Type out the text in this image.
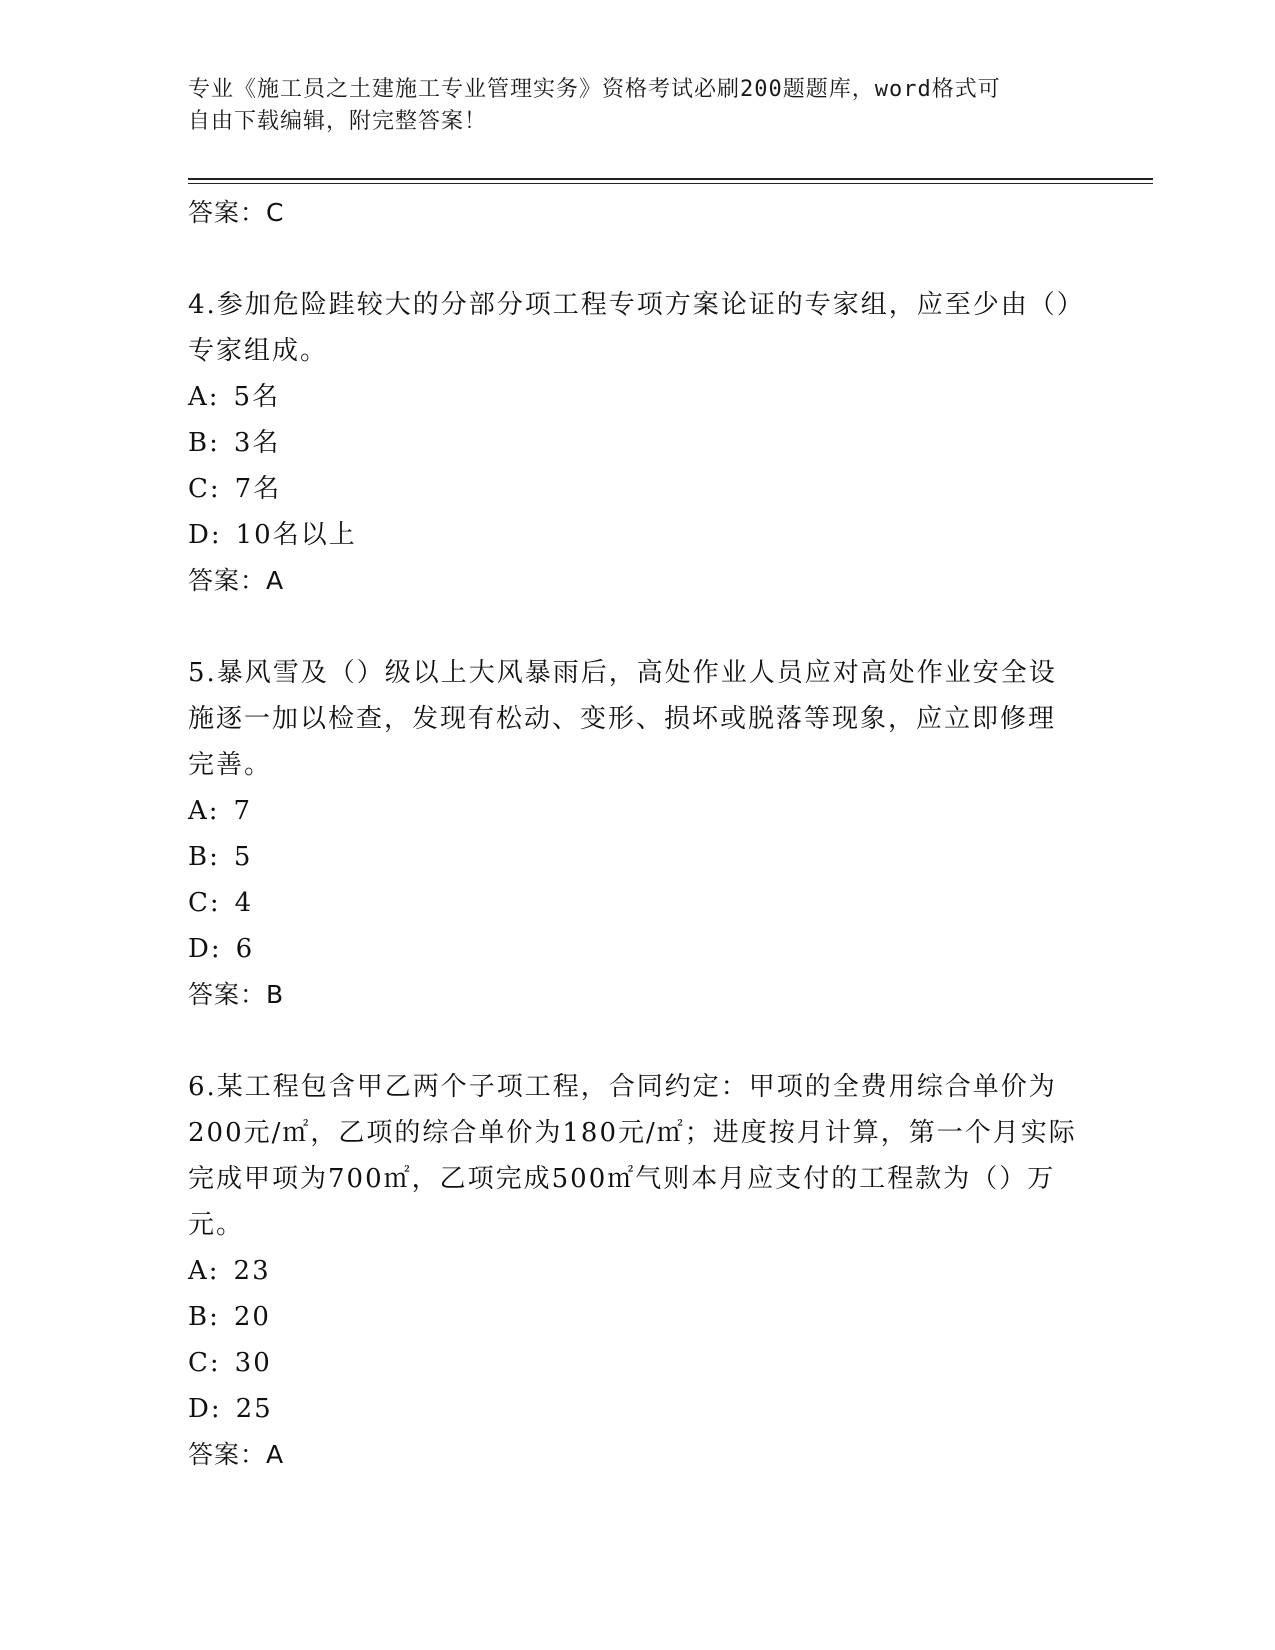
专业《施工员之土建施工专业管理实务》资格考试必刷200题题库，word格式可
自由下载编辑，附完整答案！
答案：C

4.参加危险跬较大的分部分项工程专项方案论证的专家组，应至少由（）专家组成。

A: 5名
B: 3名
C: 7名
D: 10名以上
答案：A

5.暴风雪及（）级以上大风暴雨后，高处作业人员应对高处作业安全设施逐一加以检查，发现有松动、变形、损坏或脱落等现象，应立即修理完善。

A: 7
B: 5
C: 4
D: 6
答案：B

6.某工程包含甲乙两个子项工程，合同约定：甲项的全费用综合单价为200元/㎡，乙项的综合单价为180元/㎡；进度按月计算，第一个月实际完成甲项为700㎡，乙项完成500㎡气则本月应支付的工程款为（）万元。

A: 23
B: 20
C: 30
D: 25
答案：A
